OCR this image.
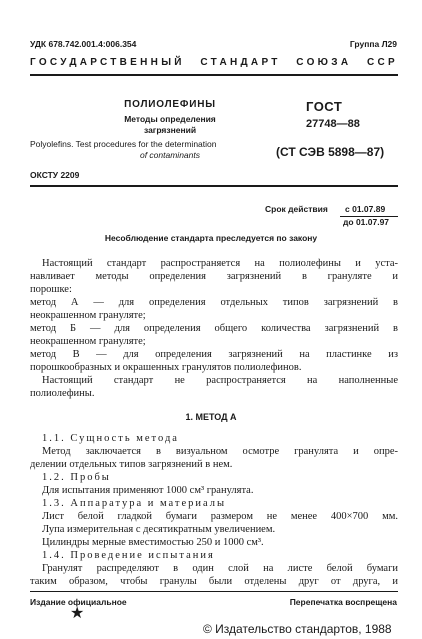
УДК 678.742.001.4:006.354	Группа Л29
ГОСУДАРСТВЕННЫЙ СТАНДАРТ СОЮЗА ССР
ПОЛИОЛЕФИНЫ
Методы определения
загрязнений
Polyolefins. Test procedures for the determination
of contaminants
ГОСТ
27748—88
(СТ СЭВ 5898—87)
ОКСТУ 2209
Срок действия с 01.07.89
до 01.07.97
Несоблюдение стандарта преследуется по закону
Настоящий стандарт распространяется на полиолефины и уста-
навливает методы определения загрязнений в грануляте и
порошке:
метод А — для определения отдельных типов загрязнений в
неокрашенном грануляте;
метод Б — для определения общего количества загрязнений в
неокрашенном грануляте;
метод В — для определения загрязнений на пластинке из
порошкообразных и окрашенных гранулятов полиолефинов.
Настоящий стандарт не распространяется на наполненные
полиолефины.
1. МЕТОД А
1.1. Сущность метода
Метод заключается в визуальном осмотре гранулята и опре-
делении отдельных типов загрязнений в нем.
1.2. Пробы
Для испытания применяют 1000 см³ гранулята.
1.3. Аппаратура и материалы
Лист белой гладкой бумаги размером не менее 400×700 мм.
Лупа измерительная с десятикратным увеличением.
Цилиндры мерные вместимостью 250 и 1000 см³.
1.4. Проведение испытания
Гранулят распределяют в один слой на листе белой бумаги
таким образом, чтобы гранулы были отделены друг от друга, и
Издание официальное	Перепечатка воспрещена
★
© Издательство стандартов, 1988
